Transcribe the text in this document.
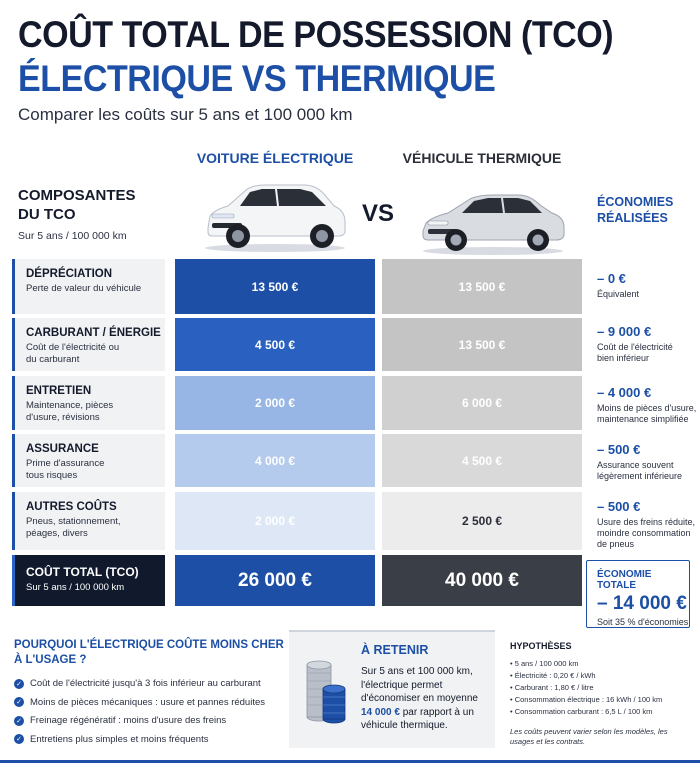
COÛT TOTAL DE POSSESSION (TCO)
ÉLECTRIQUE VS THERMIQUE
Comparer les coûts sur 5 ans et 100 000 km
VOITURE ÉLECTRIQUE	VÉHICULE THERMIQUE
COMPOSANTES
DU TCO
Sur 5 ans / 100 000 km
VS	ÉCONOMIES
RÉALISÉES
DÉPRÉCIATION
Perte de valeur du véhicule	13 500 €	13 500 €
– 0 €
Équivalent
CARBURANT / ÉNERGIE
Coût de l'électricité ou du carburant
4 500 €	13 500 €
– 9 000 €
Coût de l'électricité bien inférieur
ENTRETIEN
Maintenance, pièces d'usure, révisions
2 000 €	6 000 €
– 4 000 €
Moins de pièces d'usure, maintenance simplifiée
ASSURANCE
Prime d'assurance tous risques
4 000 €	4 500 €
– 500 €
Assurance souvent légèrement inférieure
AUTRES COÛTS
Pneus, stationnement, péages, divers
2 000 €	2 500 €
– 500 €
Usure des freins réduite, moindre consommation de pneus
COÛT TOTAL (TCO)
Sur 5 ans / 100 000 km	26 000 €	40 000 €	ÉCONOMIE TOTALE
– 14 000 €
Soit 35 % d'économies
POURQUOI L'ÉLECTRIQUE COÛTE MOINS CHER
À L'USAGE ?
✓ Coût de l'électricité jusqu'à 3 fois inférieur au carburant
✓ Moins de pièces mécaniques : usure et pannes réduites
✓ Freinage régénératif : moins d'usure des freins
✓ Entretiens plus simples et moins fréquents
À RETENIR
Sur 5 ans et 100 000 km, l'électrique permet d'économiser en moyenne 14 000 € par rapport à un véhicule thermique.
HYPOTHÈSES
• 5 ans / 100 000 km
• Électricité : 0,20 € / kWh
• Carburant : 1,80 € / litre
• Consommation électrique : 16 kWh / 100 km
• Consommation carburant : 6,5 L / 100 km
Les coûts peuvent varier selon les modèles, les usages et les contrats.
